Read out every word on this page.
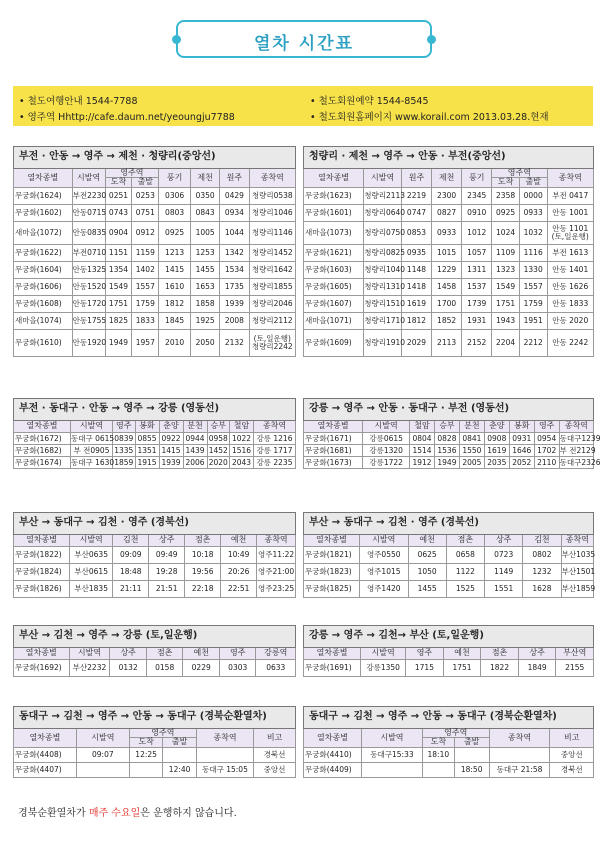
열차 시간표
• 철도여행안내 1544-7788
• 영주역 Hhttp://cafe.daum.net/yeoungju7788
• 철도회원예약 1544-8545
• 철도회원홈페이지 www.korail.com 2013.03.28.현재
부전 · 안동 → 영주 → 제천 · 청량리(중앙선)							
열차종별	시발역	영주역		풍기	제천	원주	종착역
		도착	출발				
무궁화(1624)	부전2230	0251	0253	0306	0350	0429	청량리0538
무궁화(1602)	안동0715	0743	0751	0803	0843	0934	청량리1046
새마을(1072)	안동0835	0904	0912	0925	1005	1044	청량리1146
무궁화(1622)	부전0710	1151	1159	1213	1253	1342	청량리1452
무궁화(1604)	안동1325	1354	1402	1415	1455	1534	청량리1642
무궁화(1606)	안동1520	1549	1557	1610	1653	1735	청량리1855
무궁화(1608)	안동1720	1751	1759	1812	1858	1939	청량리2046
새마을(1074)	안동1755	1825	1833	1845	1925	2008	청량리2112
무궁화(1610)	안동1920	1949	1957	2010	2050	2132	(토,일운행) 청량리2242
청량리 · 제천 → 영주 → 안동 · 부전(중앙선)							
열차종별	시발역	원주	제천	풍기	영주역		종착역
					도착	출발	
무궁화(1623)	청량리2113	2219	2300	2345	2358	0000	부전 0417
무궁화(1601)	청량리0640	0747	0827	0910	0925	0933	안동 1001
새마을(1073)	청량리0750	0853	0933	1012	1024	1032	안동 1101 (토,일운행)
무궁화(1621)	청량리0825	0935	1015	1057	1109	1116	부전 1613
무궁화(1603)	청량리1040	1148	1229	1311	1323	1330	안동 1401
무궁화(1605)	청량리1310	1418	1458	1537	1549	1557	안동 1626
무궁화(1607)	청량리1510	1619	1700	1739	1751	1759	안동 1833
새마을(1071)	청량리1710	1812	1852	1931	1943	1951	안동 2020
무궁화(1609)	청량리1910	2029	2113	2152	2204	2212	안동 2242
부전 · 동대구 · 안동 → 영주 → 강릉 (영동선)								
열차종별	시발역	영주	봉화	춘양	분천	승부	철암	종착역
무궁화(1672)	동대구 0615	0839	0855	0922	0944	0958	1022	강릉 1216
무궁화(1682)	부 전0905	1335	1351	1415	1439	1452	1516	강릉 1717
무궁화(1674)	동대구 1630	1859	1915	1939	2006	2020	2043	강릉 2235
강릉 → 영주 → 안동 · 동대구 · 부전 (영동선)								
열차종별	시발역	철암	승부	분천	춘양	봉화	영주	종착역
무궁화(1671)	강릉0615	0804	0828	0841	0908	0931	0954	동대구1239
무궁화(1681)	강릉1320	1514	1536	1550	1619	1646	1702	부 전2129
무궁화(1673)	강릉1722	1912	1949	2005	2035	2052	2110	동대구2326
부산 → 동대구 → 김천 · 영주 (경북선)						
열차종별	시발역	김천	상주	점촌	예천	종착역
무궁화(1822)	부산0635	09:09	09:49	10:18	10:49	영주11:22
무궁화(1824)	부산0615	18:48	19:28	19:56	20:26	영주21:00
무궁화(1826)	부산1835	21:11	21:51	22:18	22:51	영주23:25
부산 → 동대구 → 김천 · 영주 (경북선)						
열차종별	시발역	예천	점촌	상주	김천	종착역
무궁화(1821)	영주0550	0625	0658	0723	0802	부산1035
무궁화(1823)	영주1015	1050	1122	1149	1232	부산1501
무궁화(1825)	영주1420	1455	1525	1551	1628	부산1859
부산 → 김천 → 영주 → 강릉 (토,일운행)						
열차종별	시발역	상주	점촌	예천	영주	강릉역
무궁화(1692)	부산2232	0132	0158	0229	0303	0633
강릉 → 영주 → 김천→ 부산 (토,일운행)						
열차종별	시발역	영주	예천	점촌	상주	부산역
무궁화(1691)	강릉1350	1715	1751	1822	1849	2155
동대구 → 김천 → 영주 → 안동 → 동대구 (경북순환열차)					
열차종별	시발역	영주역		종착역	비고
		도착	출발		
무궁화(4408)	09:07	12:25			경북선
무궁화(4407)			12:40	동대구 15:05	중앙선
동대구 → 김천 → 영주 → 안동 → 동대구 (경북순환열차)					
열차종별	시발역	영주역		종착역	비고
		도착	출발		
무궁화(4410)	동대구15:33	18:10			중앙선
무궁화(4409)			18:50	동대구 21:58	경북선
경북순환열차가 매주 수요일은 운행하지 않습니다.
